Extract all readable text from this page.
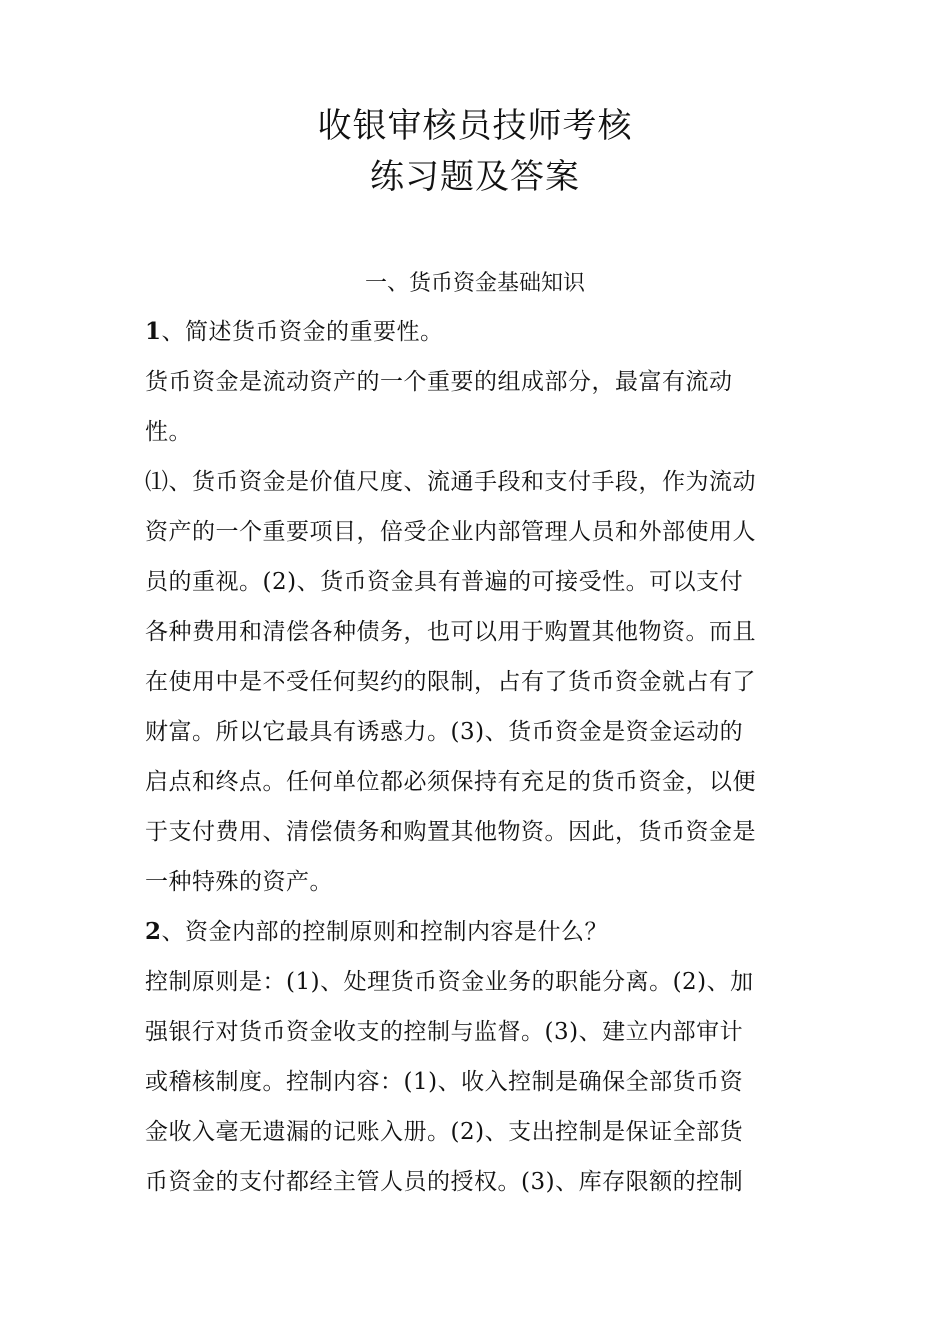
收银审核员技师考核
练习题及答案
一、货币资金基础知识
1、简述货币资金的重要性。
货币资金是流动资产的一个重要的组成部分，最富有流动
性。
⑴、货币资金是价值尺度、流通手段和支付手段，作为流动
资产的一个重要项目，倍受企业内部管理人员和外部使用人
员的重视。(2)、货币资金具有普遍的可接受性。可以支付
各种费用和清偿各种债务，也可以用于购置其他物资。而且
在使用中是不受任何契约的限制，占有了货币资金就占有了
财富。所以它最具有诱惑力。(3)、货币资金是资金运动的
启点和终点。任何单位都必须保持有充足的货币资金，以便
于支付费用、清偿债务和购置其他物资。因此，货币资金是
一种特殊的资产。
2、资金内部的控制原则和控制内容是什么？
控制原则是：(1)、处理货币资金业务的职能分离。(2)、加
强银行对货币资金收支的控制与监督。(3)、建立内部审计
或稽核制度。控制内容：(1)、收入控制是确保全部货币资
金收入毫无遗漏的记账入册。(2)、支出控制是保证全部货
币资金的支付都经主管人员的授权。(3)、库存限额的控制
